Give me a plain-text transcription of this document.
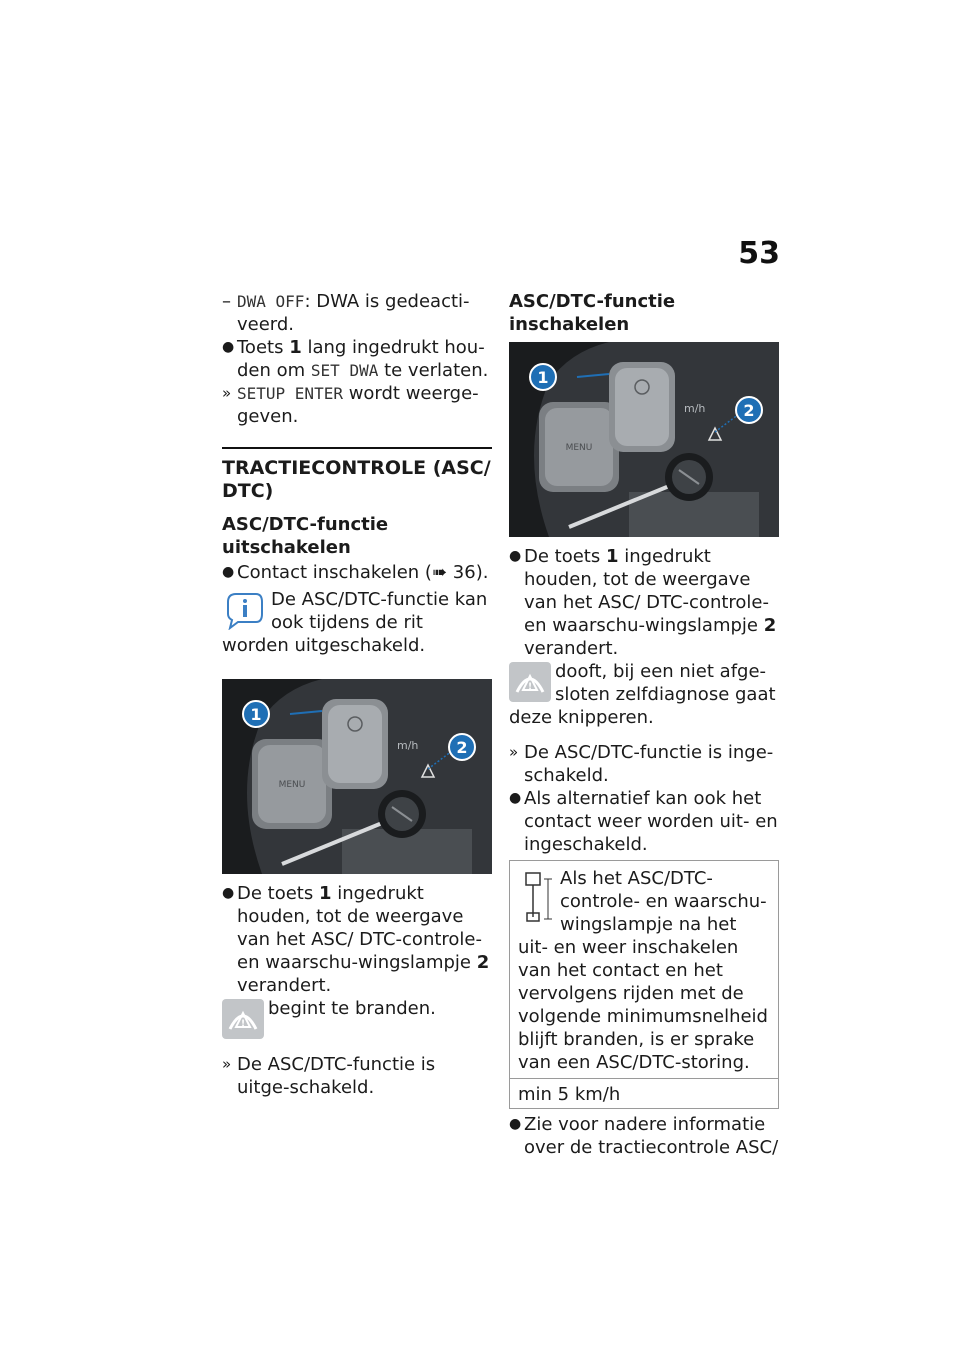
53

– DWA OFF: DWA is gedeacti-veerd.

● Toets 1 lang ingedrukt hou-den om SET DWA te verlaten.

» SETUP ENTER wordt weerge-geven.

TRACTIECONTROLE (ASC/ DTC)
ASC/DTC-functie uitschakelen

● Contact inschakelen (➠ 36).

De ASC/DTC-functie kan ook tijdens de rit worden uitgeschakeld.
MENU
m/h
1
2

● De toets 1 ingedrukt houden, tot de weergave van het ASC/ DTC-controle- en waarschu-wingslampje 2 verandert.

!
begint te branden.

» De ASC/DTC-functie is uitge-schakeld.

ASC/DTC-functie inschakelen
MENU
m/h
1
2

● De toets 1 ingedrukt houden, tot de weergave van het ASC/ DTC-controle- en waarschu-wingslampje 2 verandert.

!
dooft, bij een niet afge-sloten zelfdiagnose gaat deze knipperen.

» De ASC/DTC-functie is inge-schakeld.

● Als alternatief kan ook het contact weer worden uit- en ingeschakeld.

Als het ASC/DTC-controle- en waarschu-wingslampje na het uit- en weer inschakelen van het contact en het vervolgens rijden met de volgende minimumsnelheid blijft branden, is er sprake van een ASC/DTC-storing.
min 5 km/h

● Zie voor nadere informatie over de tractiecontrole ASC/
